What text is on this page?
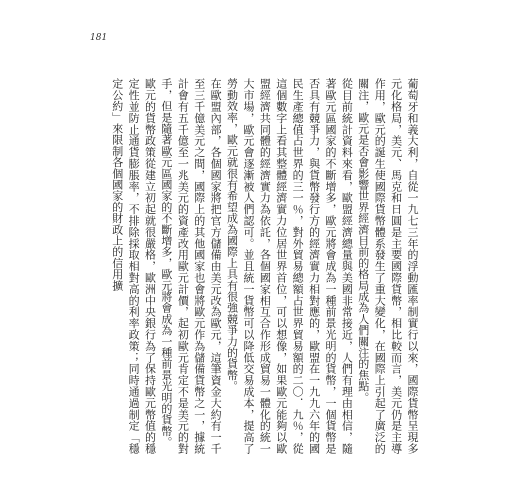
181

葡萄牙和義大利，自從一九七三年的浮動匯率制實行以來，國際貨幣呈現多元化格局，美元、馬克和日圓是主要國際貨幣，相比較而言，美元仍是主導作用，歐元的誕生使國際貨幣體系發生了重大變化，在國際上引起了廣泛的關注，歐元是否會影響世界經濟目前的格局成為人們關注的焦點。

從目前統計資料來看，歐盟經濟總量與美國非常接近，人們有理由相信，隨著歐元區國家的不斷增多，歐元將會成為一種前景光明的貨幣，一個貨幣是否具有競爭力，與貨幣發行方的經濟實力相對應的，歐盟在一九九六年的國民生產總值占世界的三一％，對外貿易總額占世界貿易額的二〇．九％，從這個數字上看其整體經濟實力位居世界首位，可以想像，如果歐元能夠以歐盟經濟共同體的經濟實力為依託，各個國家相互合作形成貿易一體化的統一大市場，歐元會逐漸被人們認可。並且統一貨幣可以降低交易成本，提高了勞動效率，歐元就很有希望成為國際上具有很強競爭力的貨幣。

在歐盟內部，各個國家將把官方儲備由美元改為歐元，這筆資金大約有一千至三千億美元之間，國際上的其他國家也會將歐元作為儲備貨幣之一，據統計會有五千億至一兆美元的資產改用歐元計價，起初歐元肯定不是美元的對手，但是隨著歐元區國家的不斷增多，歐元將會成為一種前景光明的貨幣。

歐元的貨幣政策從建立初起就很嚴格，歐洲中央銀行為了保持歐元幣值的穩定性並防止通貨膨脹率，不排除採取相對高的利率政策；同時通過制定「穩定公約」來限制各個國家的財政上的信用擴
